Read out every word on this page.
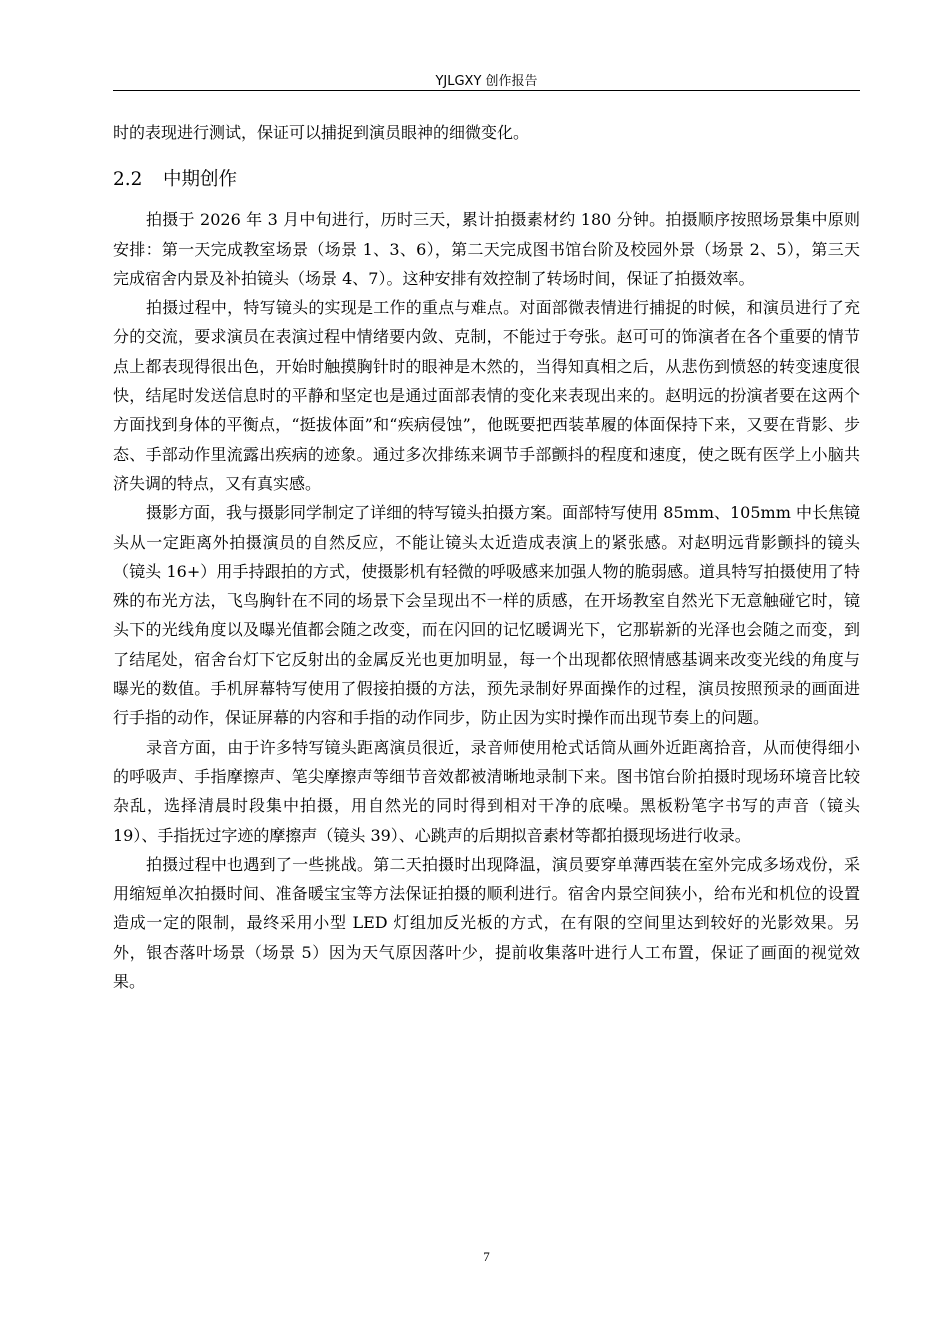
YJLGXY 创作报告

时的表现进行测试，保证可以捕捉到演员眼神的细微变化。

2.2 中期创作

拍摄于 2026 年 3 月中旬进行，历时三天，累计拍摄素材约 180 分钟。拍摄顺序按照场景集中原则安排：第一天完成教室场景（场景 1、3、6），第二天完成图书馆台阶及校园外景（场景 2、5），第三天完成宿舍内景及补拍镜头（场景 4、7）。这种安排有效控制了转场时间，保证了拍摄效率。

拍摄过程中，特写镜头的实现是工作的重点与难点。对面部微表情进行捕捉的时候，和演员进行了充分的交流，要求演员在表演过程中情绪要内敛、克制，不能过于夸张。赵可可的饰演者在各个重要的情节点上都表现得很出色，开始时触摸胸针时的眼神是木然的，当得知真相之后，从悲伤到愤怒的转变速度很快，结尾时发送信息时的平静和坚定也是通过面部表情的变化来表现出来的。赵明远的扮演者要在这两个方面找到身体的平衡点，“挺拔体面”和“疾病侵蚀”，他既要把西装革履的体面保持下来，又要在背影、步态、手部动作里流露出疾病的迹象。通过多次排练来调节手部颤抖的程度和速度，使之既有医学上小脑共济失调的特点，又有真实感。

摄影方面，我与摄影同学制定了详细的特写镜头拍摄方案。面部特写使用 85mm、105mm 中长焦镜头从一定距离外拍摄演员的自然反应，不能让镜头太近造成表演上的紧张感。对赵明远背影颤抖的镜头（镜头 16+）用手持跟拍的方式，使摄影机有轻微的呼吸感来加强人物的脆弱感。道具特写拍摄使用了特殊的布光方法，飞鸟胸针在不同的场景下会呈现出不一样的质感，在开场教室自然光下无意触碰它时，镜头下的光线角度以及曝光值都会随之改变，而在闪回的记忆暖调光下，它那崭新的光泽也会随之而变，到了结尾处，宿舍台灯下它反射出的金属反光也更加明显，每一个出现都依照情感基调来改变光线的角度与曝光的数值。手机屏幕特写使用了假接拍摄的方法，预先录制好界面操作的过程，演员按照预录的画面进行手指的动作，保证屏幕的内容和手指的动作同步，防止因为实时操作而出现节奏上的问题。

录音方面，由于许多特写镜头距离演员很近，录音师使用枪式话筒从画外近距离拾音，从而使得细小的呼吸声、手指摩擦声、笔尖摩擦声等细节音效都被清晰地录制下来。图书馆台阶拍摄时现场环境音比较杂乱，选择清晨时段集中拍摄，用自然光的同时得到相对干净的底噪。黑板粉笔字书写的声音（镜头 19）、手指抚过字迹的摩擦声（镜头 39）、心跳声的后期拟音素材等都拍摄现场进行收录。

拍摄过程中也遇到了一些挑战。第二天拍摄时出现降温，演员要穿单薄西装在室外完成多场戏份，采用缩短单次拍摄时间、准备暖宝宝等方法保证拍摄的顺利进行。宿舍内景空间狭小，给布光和机位的设置造成一定的限制，最终采用小型 LED 灯组加反光板的方式，在有限的空间里达到较好的光影效果。另外，银杏落叶场景（场景 5）因为天气原因落叶少，提前收集落叶进行人工布置，保证了画面的视觉效果。

7
